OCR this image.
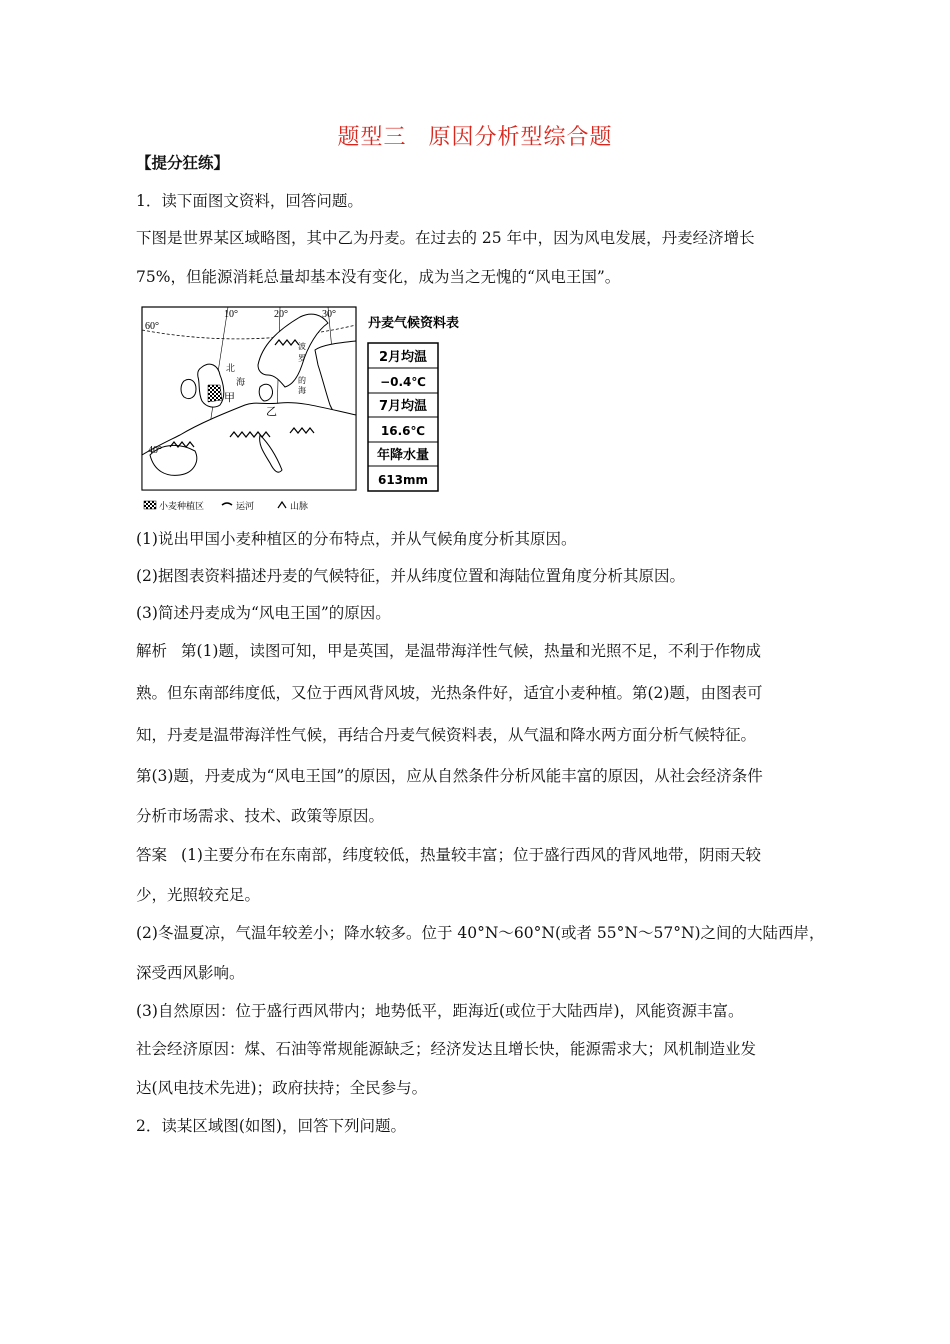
题型三 原因分析型综合题
【提分狂练】
1．读下面图文资料，回答问题。
下图是世界某区域略图，其中乙为丹麦。在过去的 25 年中，因为风电发展，丹麦经济增长
75%，但能源消耗总量却基本没有变化，成为当之无愧的“风电王国”。
10°	20°	30°
60°
40°
北
海
波
罗
的
海
甲
乙
小麦种植区	运河	山脉
丹麦气候资料表
2月均温
−0.4℃
7月均温
16.6℃
年降水量
613mm
(1)说出甲国小麦种植区的分布特点，并从气候角度分析其原因。
(2)据图表资料描述丹麦的气候特征，并从纬度位置和海陆位置角度分析其原因。
(3)简述丹麦成为“风电王国”的原因。
解析 第(1)题，读图可知，甲是英国，是温带海洋性气候，热量和光照不足，不利于作物成
熟。但东南部纬度低，又位于西风背风坡，光热条件好，适宜小麦种植。第(2)题，由图表可
知，丹麦是温带海洋性气候，再结合丹麦气候资料表，从气温和降水两方面分析气候特征。
第(3)题，丹麦成为“风电王国”的原因，应从自然条件分析风能丰富的原因，从社会经济条件
分析市场需求、技术、政策等原因。
答案 (1)主要分布在东南部，纬度较低，热量较丰富；位于盛行西风的背风地带，阴雨天较
少，光照较充足。
(2)冬温夏凉，气温年较差小；降水较多。位于 40°N～60°N(或者 55°N～57°N)之间的大陆西岸，
深受西风影响。
(3)自然原因：位于盛行西风带内；地势低平，距海近(或位于大陆西岸)，风能资源丰富。
社会经济原因：煤、石油等常规能源缺乏；经济发达且增长快，能源需求大；风机制造业发
达(风电技术先进)；政府扶持；全民参与。
2．读某区域图(如图)，回答下列问题。
